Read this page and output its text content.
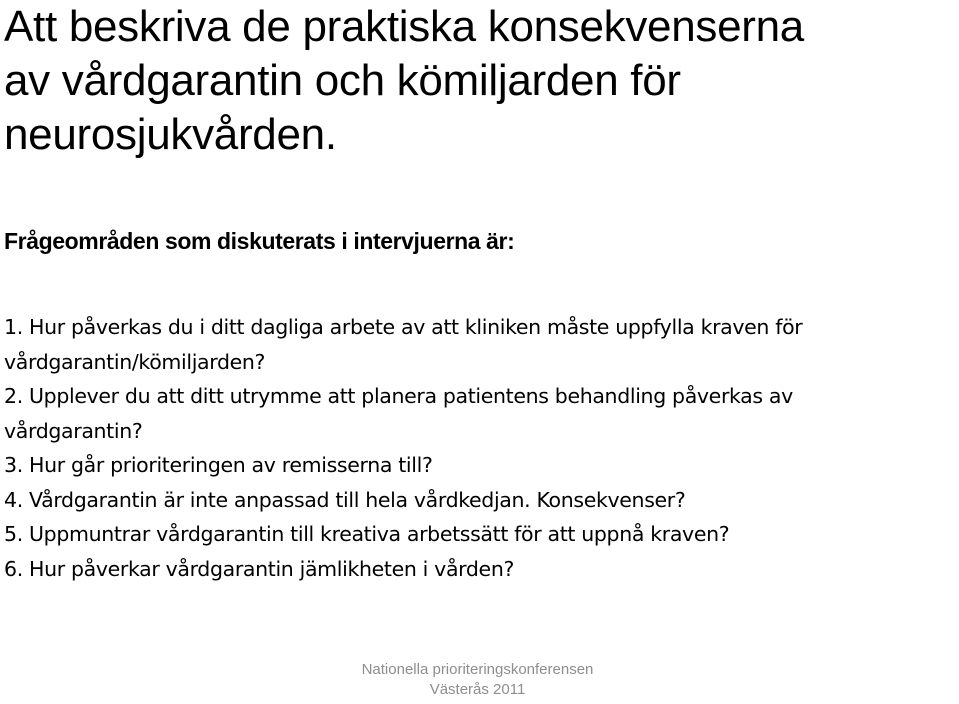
Att beskriva de praktiska konsekvenserna
av vårdgarantin och kömiljarden för
neurosjukvården.
Frågeområden som diskuterats i intervjuerna är:
1. Hur påverkas du i ditt dagliga arbete av att kliniken måste uppfylla kraven för
vårdgarantin/kömiljarden?
2. Upplever du att ditt utrymme att planera patientens behandling påverkas av
vårdgarantin?
3. Hur går prioriteringen av remisserna till?
4. Vårdgarantin är inte anpassad till hela vårdkedjan. Konsekvenser?
5. Uppmuntrar vårdgarantin till kreativa arbetssätt för att uppnå kraven?
6. Hur påverkar vårdgarantin jämlikheten i vården?
Nationella prioriteringskonferensen
Västerås 2011
